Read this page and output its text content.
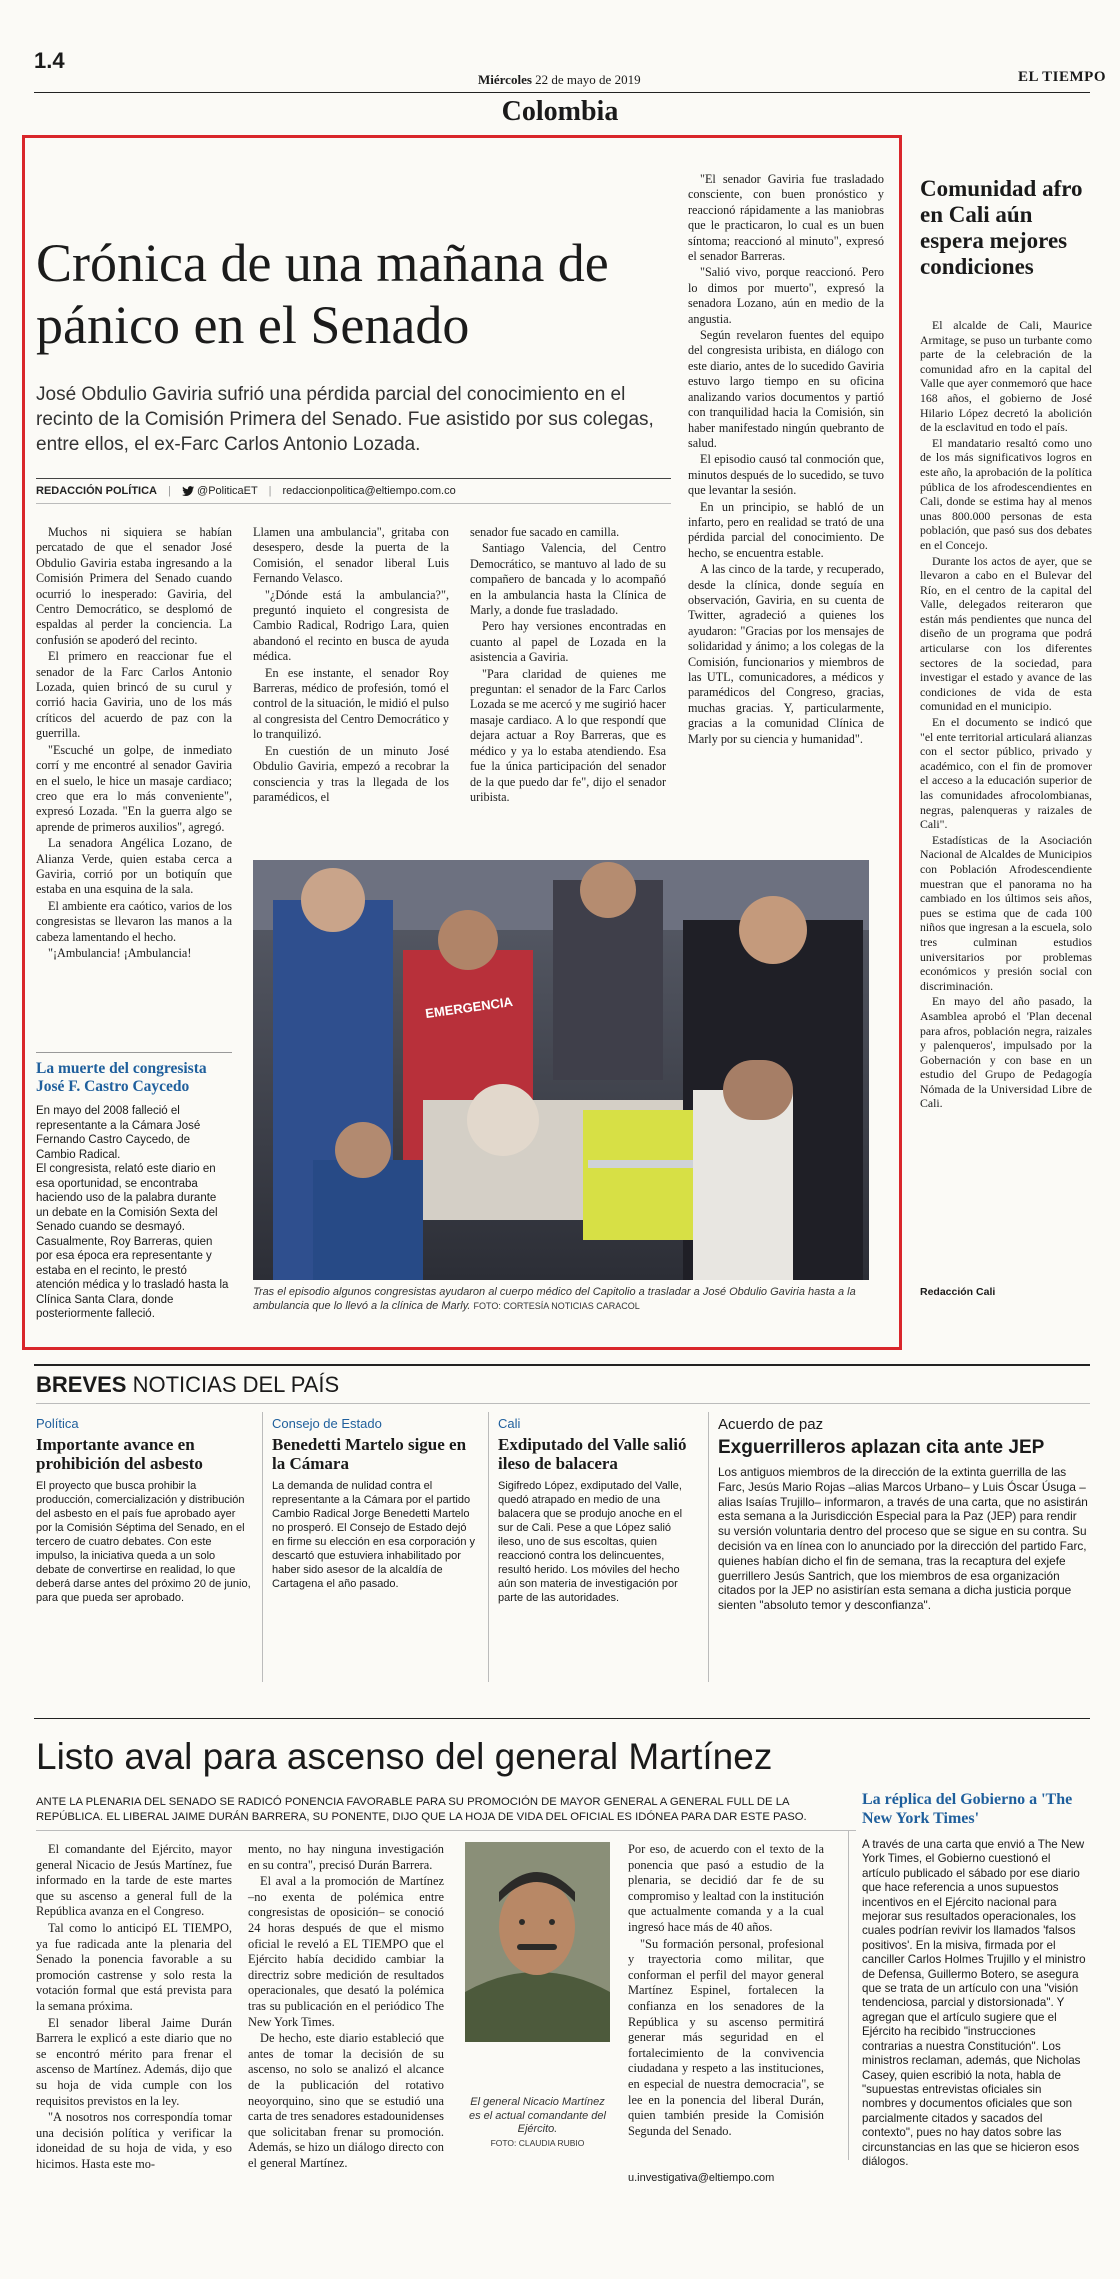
1.4
Miércoles 22 de mayo de 2019	EL TIEMPO
Colombia
Crónica de una mañana de pánico en el Senado
José Obdulio Gaviria sufrió una pérdida parcial del conocimiento en el recinto de la Comisión Primera del Senado. Fue asistido por sus colegas, entre ellos, el ex-Farc Carlos Antonio Lozada.
REDACCIÓN POLÍTICA | @PoliticaET | redaccionpolitica@eltiempo.com.co

Muchos ni siquiera se habían percatado de que el senador José Obdulio Gaviria estaba ingresando a la Comisión Primera del Senado cuando ocurrió lo inesperado: Gaviria, del Centro Democrático, se desplomó de espaldas al perder la conciencia. La confusión se apoderó del recinto.

El primero en reaccionar fue el senador de la Farc Carlos Antonio Lozada, quien brincó de su curul y corrió hacia Gaviria, uno de los más críticos del acuerdo de paz con la guerrilla.

"Escuché un golpe, de inmediato corrí y me encontré al senador Gaviria en el suelo, le hice un masaje cardiaco; creo que era lo más conveniente", expresó Lozada. "En la guerra algo se aprende de primeros auxilios", agregó.

La senadora Angélica Lozano, de Alianza Verde, quien estaba cerca a Gaviria, corrió por un botiquín que estaba en una esquina de la sala.

El ambiente era caótico, varios de los congresistas se llevaron las manos a la cabeza lamentando el hecho.

"¡Ambulancia! ¡Ambulancia!

Llamen una ambulancia", gritaba con desespero, desde la puerta de la Comisión, el senador liberal Luis Fernando Velasco.

"¿Dónde está la ambulancia?", preguntó inquieto el congresista de Cambio Radical, Rodrigo Lara, quien abandonó el recinto en busca de ayuda médica.

En ese instante, el senador Roy Barreras, médico de profesión, tomó el control de la situación, le midió el pulso al congresista del Centro Democrático y lo tranquilizó.

En cuestión de un minuto José Obdulio Gaviria, empezó a recobrar la consciencia y tras la llegada de los paramédicos, el

senador fue sacado en camilla.

Santiago Valencia, del Centro Democrático, se mantuvo al lado de su compañero de bancada y lo acompañó en la ambulancia hasta la Clínica de Marly, a donde fue trasladado.

Pero hay versiones encontradas en cuanto al papel de Lozada en la asistencia a Gaviria.

"Para claridad de quienes me preguntan: el senador de la Farc Carlos Lozada se me acercó y me sugirió hacer masaje cardiaco. A lo que respondí que dejara actuar a Roy Barreras, que es médico y ya lo estaba atendiendo. Esa fue la única participación del senador de la que puedo dar fe", dijo el senador uribista.

"El senador Gaviria fue trasladado consciente, con buen pronóstico y reaccionó rápidamente a las maniobras que le practicaron, lo cual es un buen síntoma; reaccionó al minuto", expresó el senador Barreras.

"Salió vivo, porque reaccionó. Pero lo dimos por muerto", expresó la senadora Lozano, aún en medio de la angustia.

Según revelaron fuentes del equipo del congresista uribista, en diálogo con este diario, antes de lo sucedido Gaviria estuvo largo tiempo en su oficina analizando varios documentos y partió con tranquilidad hacia la Comisión, sin haber manifestado ningún quebranto de salud.

El episodio causó tal conmoción que, minutos después de lo sucedido, se tuvo que levantar la sesión.

En un principio, se habló de un infarto, pero en realidad se trató de una pérdida parcial del conocimiento. De hecho, se encuentra estable.

A las cinco de la tarde, y recuperado, desde la clínica, donde seguía en observación, Gaviria, en su cuenta de Twitter, agradeció a quienes los ayudaron: "Gracias por los mensajes de solidaridad y ánimo; a los colegas de la Comisión, funcionarios y miembros de las UTL, comunicadores, a médicos y paramédicos del Congreso, gracias, muchas gracias. Y, particularmente, gracias a la comunidad Clínica de Marly por su ciencia y humanidad".

La muerte del congresista José F. Castro Caycedo

En mayo del 2008 falleció el representante a la Cámara José Fernando Castro Caycedo, de Cambio Radical.

El congresista, relató este diario en esa oportunidad, se encontraba haciendo uso de la palabra durante un debate en la Comisión Sexta del Senado cuando se desmayó.

Casualmente, Roy Barreras, quien por esa época era representante y estaba en el recinto, le prestó atención médica y lo trasladó hasta la Clínica Santa Clara, donde posteriormente falleció.

EMERGENCIA
Tras el episodio algunos congresistas ayudaron al cuerpo médico del Capitolio a trasladar a José Obdulio Gaviria hasta a la ambulancia que lo llevó a la clínica de Marly. FOTO: CORTESÍA NOTICIAS CARACOL
Comunidad afro en Cali aún espera mejores condiciones

El alcalde de Cali, Maurice Armitage, se puso un turbante como parte de la celebración de la comunidad afro en la capital del Valle que ayer conmemoró que hace 168 años, el gobierno de José Hilario López decretó la abolición de la esclavitud en todo el país.

El mandatario resaltó como uno de los más significativos logros en este año, la aprobación de la política pública de los afrodescendientes en Cali, donde se estima hay al menos unas 800.000 personas de esta población, que pasó sus dos debates en el Concejo.

Durante los actos de ayer, que se llevaron a cabo en el Bulevar del Río, en el centro de la capital del Valle, delegados reiteraron que están más pendientes que nunca del diseño de un programa que podrá articularse con los diferentes sectores de la sociedad, para investigar el estado y avance de las condiciones de vida de esta comunidad en el municipio.

En el documento se indicó que "el ente territorial articulará alianzas con el sector público, privado y académico, con el fin de promover el acceso a la educación superior de las comunidades afrocolombianas, negras, palenqueras y raizales de Cali".

Estadísticas de la Asociación Nacional de Alcaldes de Municipios con Población Afrodescendiente muestran que el panorama no ha cambiado en los últimos seis años, pues se estima que de cada 100 niños que ingresan a la escuela, solo tres culminan estudios universitarios por problemas económicos y presión social con discriminación.

En mayo del año pasado, la Asamblea aprobó el 'Plan decenal para afros, población negra, raizales y palenqueros', impulsado por la Gobernación y con base en un estudio del Grupo de Pedagogía Nómada de la Universidad Libre de Cali.

Redacción Cali
BREVES NOTICIAS DEL PAÍS
Política
Importante avance en prohibición del asbesto
El proyecto que busca prohibir la producción, comercialización y distribución del asbesto en el país fue aprobado ayer por la Comisión Séptima del Senado, en el tercero de cuatro debates. Con este impulso, la iniciativa queda a un solo debate de convertirse en realidad, lo que deberá darse antes del próximo 20 de junio, para que pueda ser aprobado.
Consejo de Estado
Benedetti Martelo sigue en la Cámara
La demanda de nulidad contra el representante a la Cámara por el partido Cambio Radical Jorge Benedetti Martelo no prosperó. El Consejo de Estado dejó en firme su elección en esa corporación y descartó que estuviera inhabilitado por haber sido asesor de la alcaldía de Cartagena el año pasado.
Cali
Exdiputado del Valle salió ileso de balacera
Sigifredo López, exdiputado del Valle, quedó atrapado en medio de una balacera que se produjo anoche en el sur de Cali. Pese a que López salió ileso, uno de sus escoltas, quien reaccionó contra los delincuentes, resultó herido. Los móviles del hecho aún son materia de investigación por parte de las autoridades.
Acuerdo de paz
Exguerrilleros aplazan cita ante JEP
Los antiguos miembros de la dirección de la extinta guerrilla de las Farc, Jesús Mario Rojas –alias Marcos Urbano– y Luis Óscar Úsuga –alias Isaías Trujillo– informaron, a través de una carta, que no asistirán esta semana a la Jurisdicción Especial para la Paz (JEP) para rendir su versión voluntaria dentro del proceso que se sigue en su contra. Su decisión va en línea con lo anunciado por la dirección del partido Farc, quienes habían dicho el fin de semana, tras la recaptura del exjefe guerrillero Jesús Santrich, que los miembros de esa organización citados por la JEP no asistirían esta semana a dicha justicia porque sienten "absoluto temor y desconfianza".
Listo aval para ascenso del general Martínez
ANTE LA PLENARIA DEL SENADO SE RADICÓ PONENCIA FAVORABLE PARA SU PROMOCIÓN DE MAYOR GENERAL A GENERAL FULL DE LA
REPÚBLICA. EL LIBERAL JAIME DURÁN BARRERA, SU PONENTE, DIJO QUE LA HOJA DE VIDA DEL OFICIAL ES IDÓNEA PARA DAR ESTE PASO.

El comandante del Ejército, mayor general Nicacio de Jesús Martínez, fue informado en la tarde de este martes que su ascenso a general full de la República avanza en el Congreso.

Tal como lo anticipó EL TIEMPO, ya fue radicada ante la plenaria del Senado la ponencia favorable a su promoción castrense y solo resta la votación formal que está prevista para la semana próxima.

El senador liberal Jaime Durán Barrera le explicó a este diario que no se encontró mérito para frenar el ascenso de Martínez. Además, dijo que su hoja de vida cumple con los requisitos previstos en la ley.

"A nosotros nos correspondía tomar una decisión política y verificar la idoneidad de su hoja de vida, y eso hicimos. Hasta este mo-

mento, no hay ninguna investigación en su contra", precisó Durán Barrera.

El aval a la promoción de Martínez –no exenta de polémica entre congresistas de oposición– se conoció 24 horas después de que el mismo oficial le reveló a EL TIEMPO que el Ejército había decidido cambiar la directriz sobre medición de resultados operacionales, que desató la polémica tras su publicación en el periódico The New York Times.

De hecho, este diario estableció que antes de tomar la decisión de su ascenso, no solo se analizó el alcance de la publicación del rotativo neoyorquino, sino que se estudió una carta de tres senadores estadounidenses que solicitaban frenar su promoción. Además, se hizo un diálogo directo con el general Martínez.

El general Nicacio Martínez es el actual comandante del Ejército.
FOTO: CLAUDIA RUBIO

Por eso, de acuerdo con el texto de la ponencia que pasó a estudio de la plenaria, se decidió dar fe de su compromiso y lealtad con la institución que actualmente comanda y a la cual ingresó hace más de 40 años.

"Su formación personal, profesional y trayectoria como militar, que conforman el perfil del mayor general Martínez Espinel, fortalecen la confianza en los senadores de la República y su ascenso permitirá generar más seguridad en el fortalecimiento de la convivencia ciudadana y respeto a las instituciones, en especial de nuestra democracia", se lee en la ponencia del liberal Durán, quien también preside la Comisión Segunda del Senado.

u.investigativa@eltiempo.com
La réplica del Gobierno a 'The New York Times'
A través de una carta que envió a The New York Times, el Gobierno cuestionó el artículo publicado el sábado por ese diario que hace referencia a unos supuestos incentivos en el Ejército nacional para mejorar sus resultados operacionales, los cuales podrían revivir los llamados 'falsos positivos'. En la misiva, firmada por el canciller Carlos Holmes Trujillo y el ministro de Defensa, Guillermo Botero, se asegura que se trata de un artículo con una "visión tendenciosa, parcial y distorsionada". Y agregan que el artículo sugiere que el Ejército ha recibido "instrucciones contrarias a nuestra Constitución". Los ministros reclaman, además, que Nicholas Casey, quien escribió la nota, habla de "supuestas entrevistas oficiales sin nombres y documentos oficiales que son parcialmente citados y sacados del contexto", pues no hay datos sobre las circunstancias en las que se hicieron esos diálogos.
